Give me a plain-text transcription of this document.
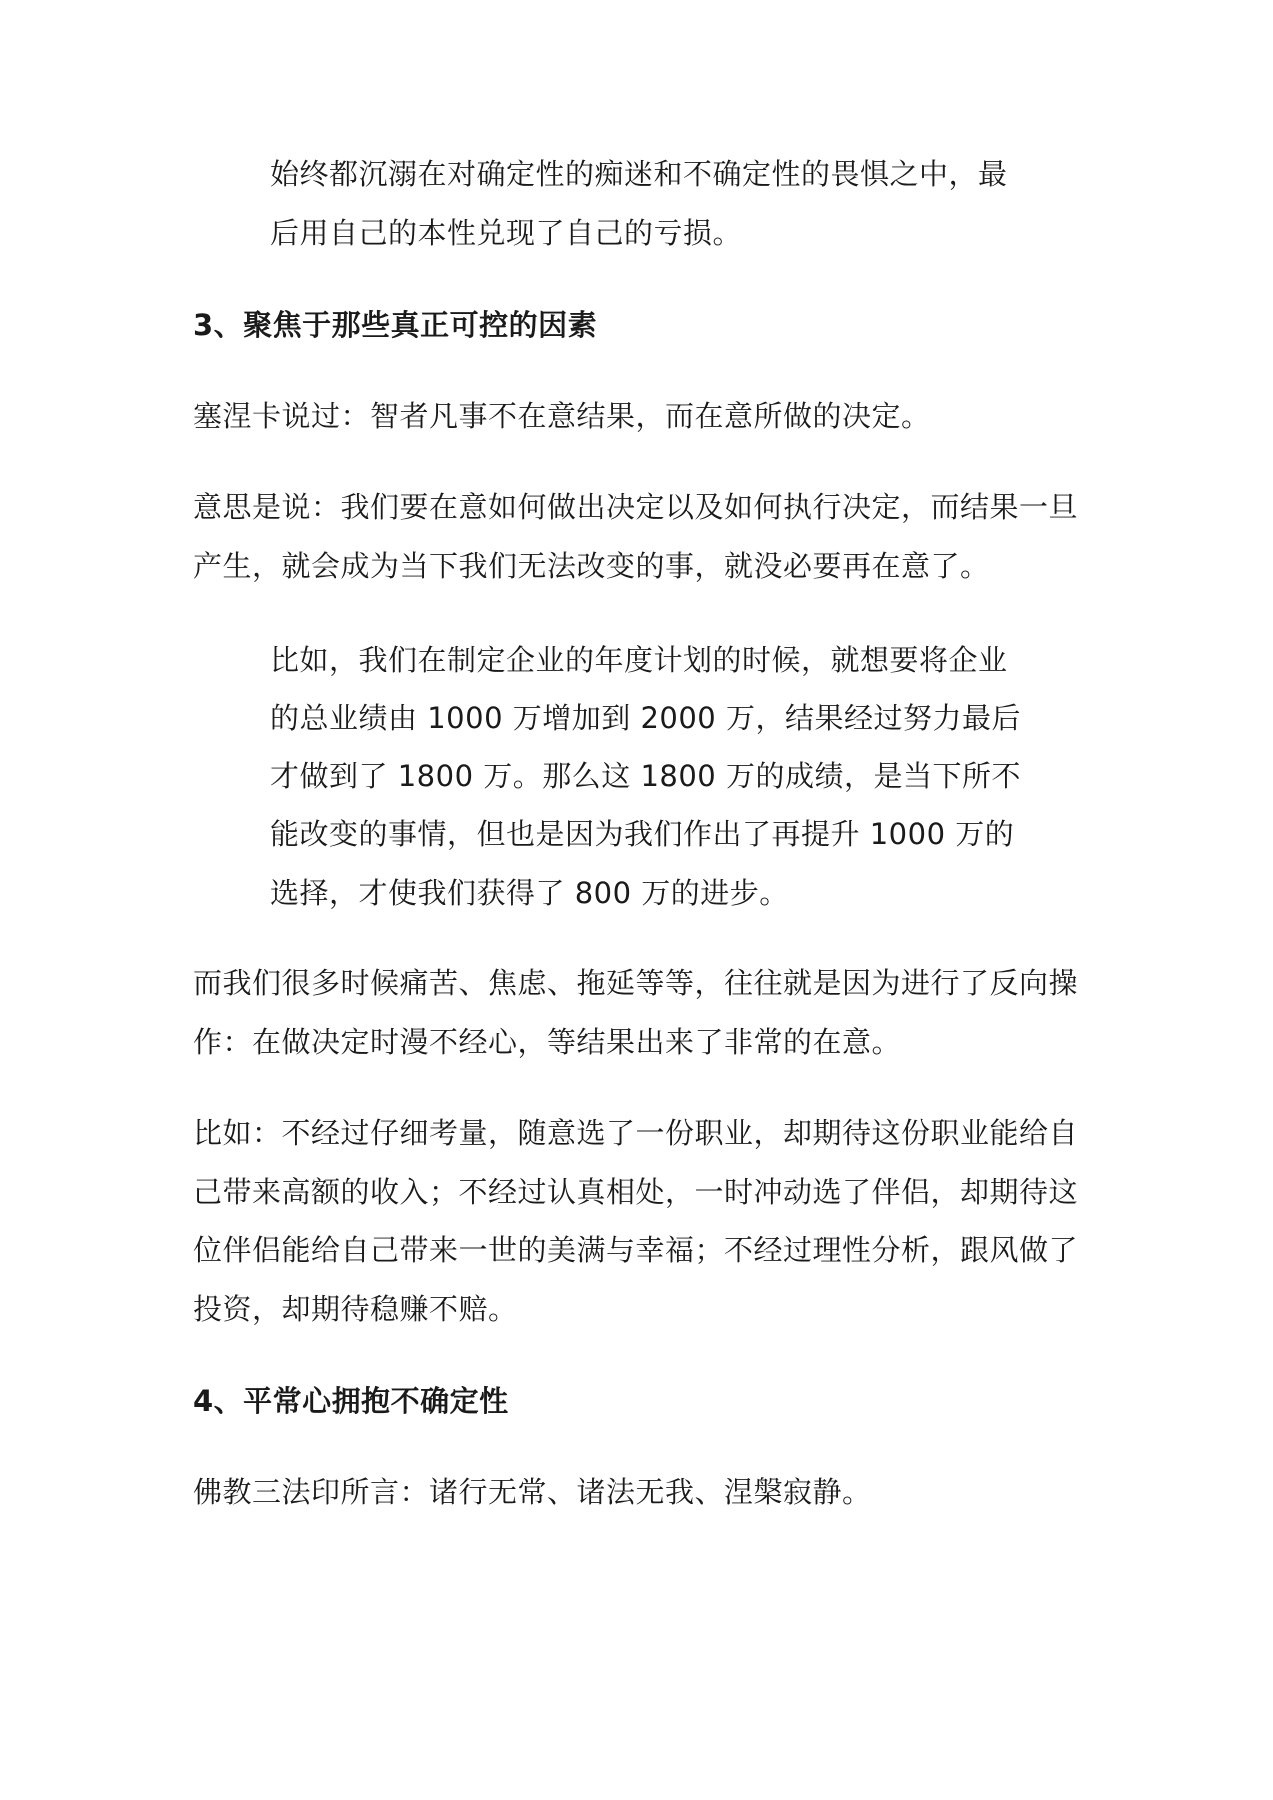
始终都沉溺在对确定性的痴迷和不确定性的畏惧之中，最
后用自己的本性兑现了自己的亏损。
3、聚焦于那些真正可控的因素
塞涅卡说过：智者凡事不在意结果，而在意所做的决定。
意思是说：我们要在意如何做出决定以及如何执行决定，而结果一旦
产生，就会成为当下我们无法改变的事，就没必要再在意了。
比如，我们在制定企业的年度计划的时候，就想要将企业
的总业绩由 1000 万增加到 2000 万，结果经过努力最后
才做到了 1800 万。那么这 1800 万的成绩，是当下所不
能改变的事情，但也是因为我们作出了再提升 1000 万的
选择，才使我们获得了 800 万的进步。
而我们很多时候痛苦、焦虑、拖延等等，往往就是因为进行了反向操
作：在做决定时漫不经心，等结果出来了非常的在意。
比如：不经过仔细考量，随意选了一份职业，却期待这份职业能给自
己带来高额的收入；不经过认真相处，一时冲动选了伴侣，却期待这
位伴侣能给自己带来一世的美满与幸福；不经过理性分析，跟风做了
投资，却期待稳赚不赔。
4、平常心拥抱不确定性
佛教三法印所言：诸行无常、诸法无我、涅槃寂静。
